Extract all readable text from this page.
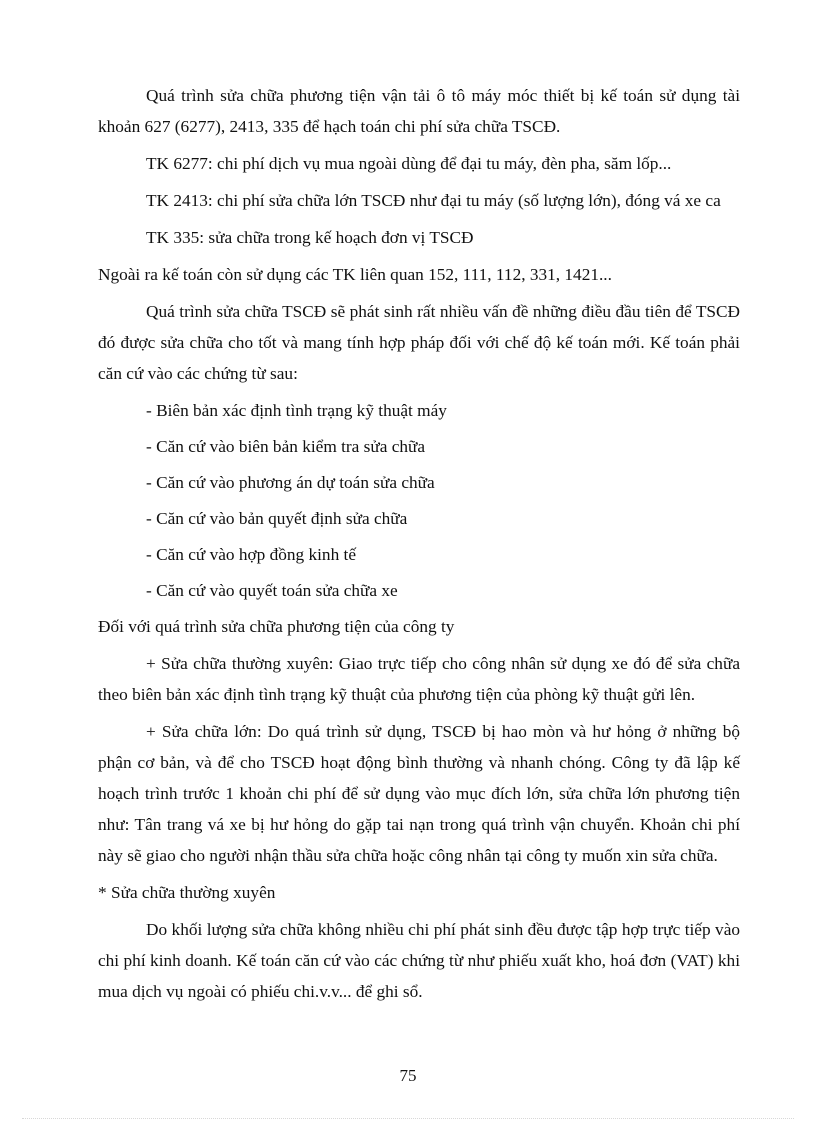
Quá trình sửa chữa phương tiện vận tải ô tô máy móc thiết bị kế toán sử dụng tài khoản 627 (6277), 2413, 335 để hạch toán chi phí sửa chữa TSCĐ.

TK 6277: chi phí dịch vụ mua ngoài dùng để đại tu máy, đèn pha, săm lốp...

TK 2413: chi phí sửa chữa lớn TSCĐ như đại tu máy (số lượng lớn), đóng vá xe ca

TK 335: sửa chữa trong kế hoạch đơn vị TSCĐ

Ngoài ra kế toán còn sử dụng các TK liên quan 152, 111, 112, 331, 1421...

Quá trình sửa chữa TSCĐ sẽ phát sinh rất nhiều vấn đề những điều đầu tiên để TSCĐ đó được sửa chữa cho tốt và mang tính hợp pháp đối với chế độ kế toán mới. Kế toán phải căn cứ vào các chứng từ sau:

- Biên bản xác định tình trạng kỹ thuật máy

- Căn cứ vào biên bản kiểm tra sửa chữa

- Căn cứ vào phương án dự toán sửa chữa

- Căn cứ vào bản quyết định sửa chữa

- Căn cứ vào hợp đồng kinh tế

- Căn cứ vào quyết toán sửa chữa xe

Đối với quá trình sửa chữa phương tiện của công ty

+ Sửa chữa thường xuyên: Giao trực tiếp cho công nhân sử dụng xe đó để sửa chữa theo biên bản xác định tình trạng kỹ thuật của phương tiện của phòng kỹ thuật gửi lên.

+ Sửa chữa lớn: Do quá trình sử dụng, TSCĐ bị hao mòn và hư hỏng ở những bộ phận cơ bản, và để cho TSCĐ hoạt động bình thường và nhanh chóng. Công ty đã lập kế hoạch trình trước 1 khoản chi phí để sử dụng vào mục đích lớn, sửa chữa lớn phương tiện như: Tân trang vá xe bị hư hỏng do gặp tai nạn trong quá trình vận chuyển. Khoản chi phí này sẽ giao cho người nhận thầu sửa chữa hoặc công nhân tại công ty muốn xin sửa chữa.

* Sửa chữa thường xuyên

Do khối lượng sửa chữa không nhiều chi phí phát sinh đều được tập hợp trực tiếp vào chi phí kinh doanh. Kế toán căn cứ vào các chứng từ như phiếu xuất kho, hoá đơn (VAT) khi mua dịch vụ ngoài có phiếu chi.v.v... để ghi sổ.

75
